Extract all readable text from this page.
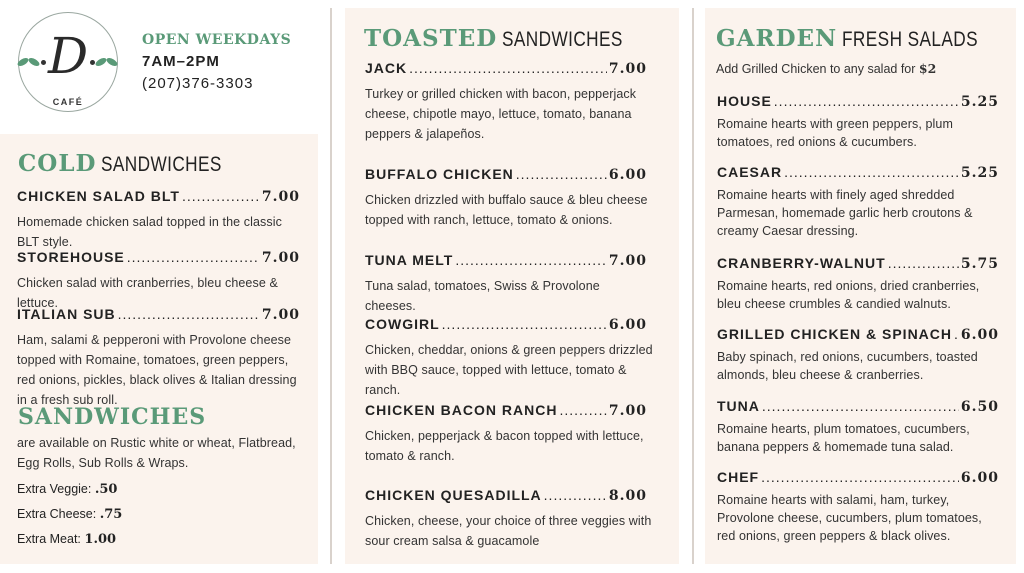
D
CAFÉ
OPEN WEEKDAYS
7AM–2PM
(207)376-3303
COLD SANDWICHES
CHICKEN SALAD BLT .....	7.00
Homemade chicken salad topped in the classic BLT style.
STOREHOUSE .....	7.00
Chicken salad with cranberries, bleu cheese & lettuce.
ITALIAN SUB .....	7.00
Ham, salami & pepperoni with Provolone cheese topped with Romaine, tomatoes, green peppers, red onions, pickles, black olives & Italian dressing in a fresh sub roll.
SANDWICHES
are available on Rustic white or wheat, Flatbread, Egg Rolls, Sub Rolls & Wraps.
Extra Veggie: .50
Extra Cheese: .75
Extra Meat: 1.00
TOASTED SANDWICHES
JACK .....	7.00
Turkey or grilled chicken with bacon, pepperjack cheese, chipotle mayo, lettuce, tomato, banana peppers & jalapeños.
BUFFALO CHICKEN .....	6.00
Chicken drizzled with buffalo sauce & bleu cheese topped with ranch, lettuce, tomato & onions.
TUNA MELT .....	7.00
Tuna salad, tomatoes, Swiss & Provolone cheeses.
COWGIRL .....	6.00
Chicken, cheddar, onions & green peppers drizzled with BBQ sauce, topped with lettuce, tomato & ranch.
CHICKEN BACON RANCH .....	7.00
Chicken, pepperjack & bacon topped with lettuce, tomato & ranch.
CHICKEN QUESADILLA .....	8.00
Chicken, cheese, your choice of three veggies with sour cream salsa & guacamole
GARDEN FRESH SALADS
Add Grilled Chicken to any salad for $2
HOUSE .....	5.25
Romaine hearts with green peppers, plum tomatoes, red onions & cucumbers.
CAESAR .....	5.25
Romaine hearts with finely aged shredded Parmesan, homemade garlic herb croutons & creamy Caesar dressing.
CRANBERRY-WALNUT .....	5.75
Romaine hearts, red onions, dried cranberries, bleu cheese crumbles & candied walnuts.
GRILLED CHICKEN & SPINACH ..... 6.00
Baby spinach, red onions, cucumbers, toasted almonds, bleu cheese & cranberries.
TUNA .....	6.50
Romaine hearts, plum tomatoes, cucumbers, banana peppers & homemade tuna salad.
CHEF .....	6.00
Romaine hearts with salami, ham, turkey, Provolone cheese, cucumbers, plum tomatoes, red onions, green peppers & black olives.
